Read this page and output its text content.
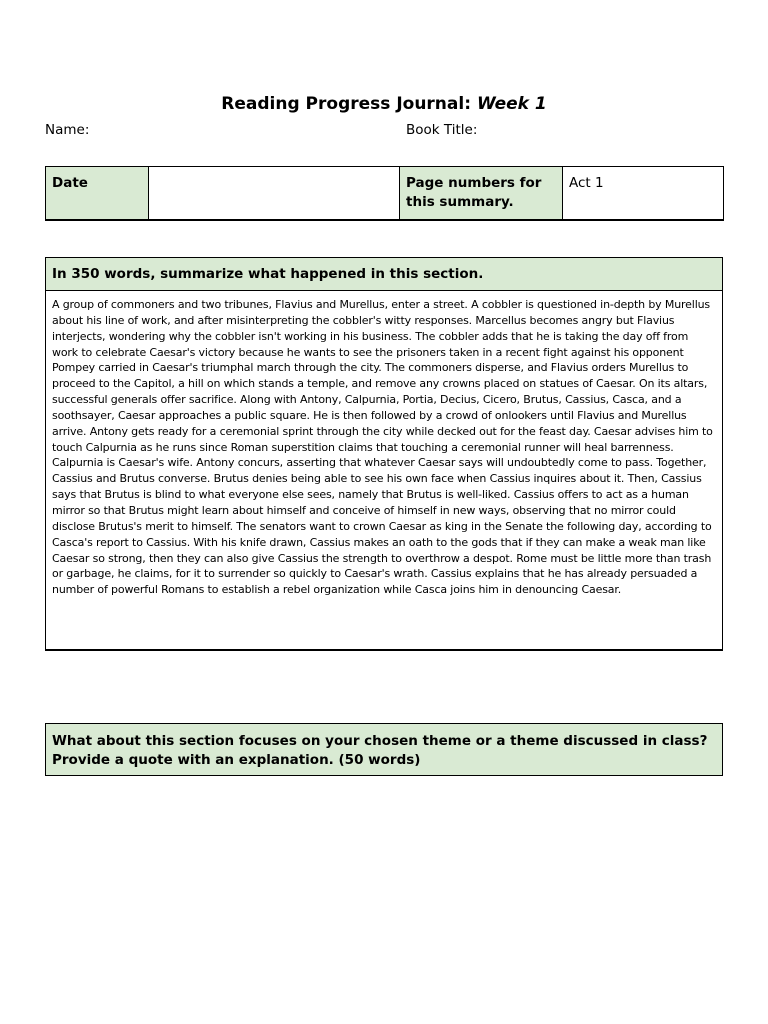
Reading Progress Journal: Week 1
Name:	Book Title:
Date		Page numbers for this summary.	Act 1
In 350 words, summarize what happened in this section.
A group of commoners and two tribunes, Flavius and Murellus, enter a street. A cobbler is questioned in-depth by Murellus about his line of work, and after misinterpreting the cobbler's witty responses. Marcellus becomes angry but Flavius interjects, wondering why the cobbler isn't working in his business. The cobbler adds that he is taking the day off from work to celebrate Caesar's victory because he wants to see the prisoners taken in a recent fight against his opponent Pompey carried in Caesar's triumphal march through the city. The commoners disperse, and Flavius orders Murellus to proceed to the Capitol, a hill on which stands a temple, and remove any crowns placed on statues of Caesar. On its altars, successful generals offer sacrifice. Along with Antony, Calpurnia, Portia, Decius, Cicero, Brutus, Cassius, Casca, and a soothsayer, Caesar approaches a public square. He is then followed by a crowd of onlookers until Flavius and Murellus arrive. Antony gets ready for a ceremonial sprint through the city while decked out for the feast day. Caesar advises him to touch Calpurnia as he runs since Roman superstition claims that touching a ceremonial runner will heal barrenness. Calpurnia is Caesar's wife. Antony concurs, asserting that whatever Caesar says will undoubtedly come to pass. Together, Cassius and Brutus converse. Brutus denies being able to see his own face when Cassius inquires about it. Then, Cassius says that Brutus is blind to what everyone else sees, namely that Brutus is well-liked. Cassius offers to act as a human mirror so that Brutus might learn about himself and conceive of himself in new ways, observing that no mirror could disclose Brutus's merit to himself. The senators want to crown Caesar as king in the Senate the following day, according to Casca's report to Cassius. With his knife drawn, Cassius makes an oath to the gods that if they can make a weak man like Caesar so strong, then they can also give Cassius the strength to overthrow a despot. Rome must be little more than trash or garbage, he claims, for it to surrender so quickly to Caesar's wrath. Cassius explains that he has already persuaded a number of powerful Romans to establish a rebel organization while Casca joins him in denouncing Caesar.
What about this section focuses on your chosen theme or a theme discussed in class? Provide a quote with an explanation. (50 words)
